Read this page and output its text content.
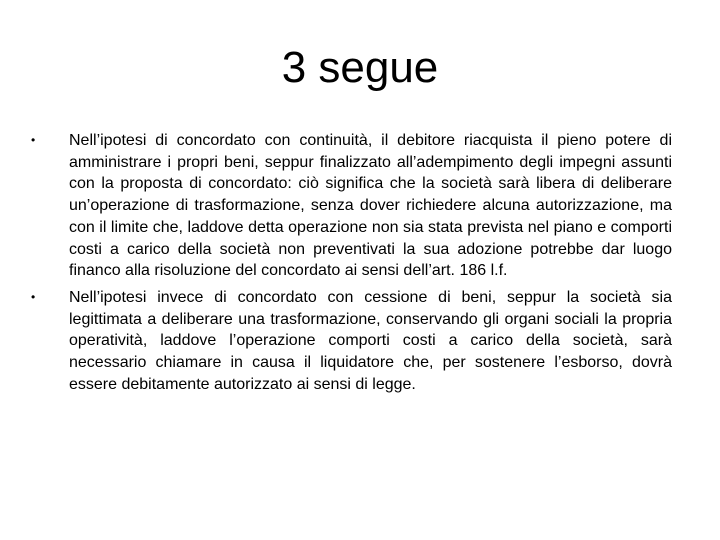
3 segue
• Nell’ipotesi di concordato con continuità, il debitore riacquista il pieno potere di amministrare i propri beni, seppur finalizzato all’adempimento degli impegni assunti con la proposta di concordato: ciò significa che la società sarà libera di deliberare un’operazione di trasformazione, senza dover richiedere alcuna autorizzazione, ma con il limite che, laddove detta operazione non sia stata prevista nel piano e comporti costi a carico della società non preventivati la sua adozione potrebbe dar luogo financo alla risoluzione del concordato ai sensi dell’art. 186 l.f.
• Nell’ipotesi invece di concordato con cessione di beni, seppur la società sia legittimata a deliberare una trasformazione, conservando gli organi sociali la propria operatività, laddove l’operazione comporti costi a carico della società, sarà necessario chiamare in causa il liquidatore che, per sostenere l’esborso, dovrà essere debitamente autorizzato ai sensi di legge.
